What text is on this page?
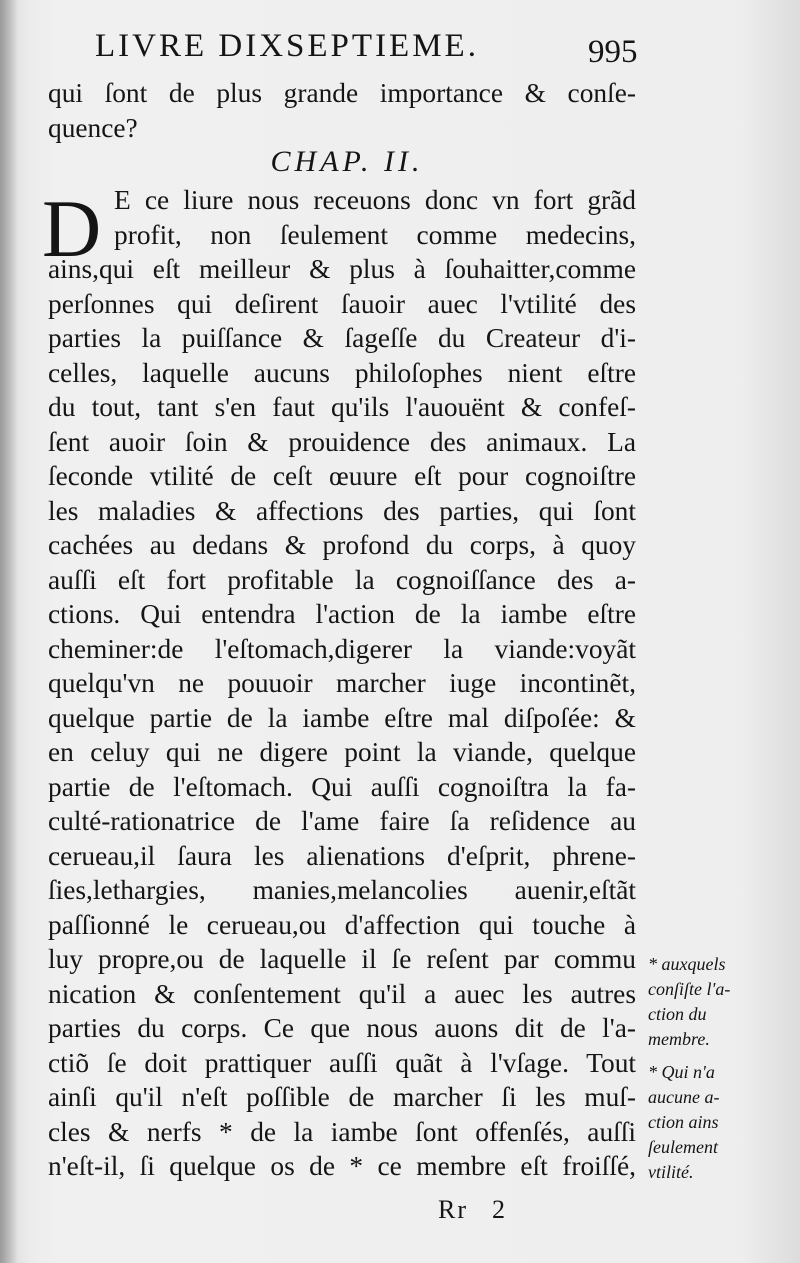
LIVRE DIXSEPTIEME.	995
qui ſont de plus grande importance & conſe-
quence?
CHAP. II.
D E ce liure nous receuons donc vn fort grãd
profit, non ſeulement comme medecins,
ains,qui eſt meilleur & plus à ſouhaitter,comme
perſonnes qui deſirent ſauoir auec l'vtilité des
parties la puiſſance & ſageſſe du Createur d'i-
celles, laquelle aucuns philoſophes nient eſtre
du tout, tant s'en faut qu'ils l'auouënt & confeſ-
ſent auoir ſoin & prouidence des animaux. La
ſeconde vtilité de ceſt œuure eſt pour cognoiſtre
les maladies & affections des parties, qui ſont
cachées au dedans & profond du corps, à quoy
auſſi eſt fort profitable la cognoiſſance des a-
ctions. Qui entendra l'action de la iambe eſtre
cheminer:de l'eſtomach,digerer la viande:voyãt
quelqu'vn ne pouuoir marcher iuge incontinẽt,
quelque partie de la iambe eſtre mal diſpoſée: &
en celuy qui ne digere point la viande, quelque
partie de l'eſtomach. Qui auſſi cognoiſtra la fa-
culté-rationatrice de l'ame faire ſa reſidence au
cerueau,il ſaura les alienations d'eſprit, phrene-
ſies,lethargies, manies,melancolies auenir,eſtãt
paſſionné le cerueau,ou d'affection qui touche à
luy propre,ou de laquelle il ſe reſent par commu
nication & conſentement qu'il a auec les autres
parties du corps. Ce que nous auons dit de l'a-
ctiõ ſe doit prattiquer auſſi quãt à l'vſage. Tout
ainſi qu'il n'eſt poſſible de marcher ſi les muſ-
cles & nerfs * de la iambe ſont offenſés, auſſi
n'eſt-il, ſi quelque os de * ce membre eſt froiſſé,
* auxquels
conſiſte l'a-
ction du
membre.
* Qui n'a
aucune a-
ction ains
ſeulement
vtilité.
Rr 2
